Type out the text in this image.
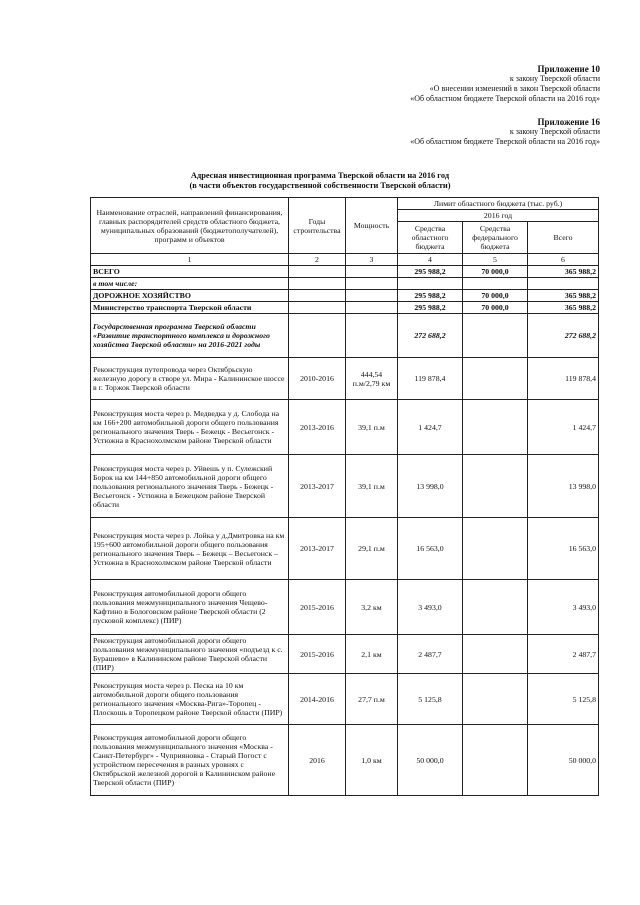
Приложение 10
к закону Тверской области
«О внесении изменений в закон Тверской области
«Об областном бюджете Тверской области на 2016 год»
Приложение 16
к закону Тверской области
«Об областном бюджете Тверской области на 2016 год»
Адресная инвестиционная программа Тверской области на 2016 год
(в части объектов государственной собственности Тверской области)
Наименование отраслей, направлений финансирования, главных распорядителей средств областного бюджета, муниципальных образований (бюджетополучателей), программ и объектов	Годы строительства	Мощность	Лимит областного бюджета (тыс. руб.)		
			2016 год		
			Средства областного бюджета	Средства федерального бюджета	Всего
1	2	3	4	5	6
ВСЕГО			295 988,2	70 000,0	365 988,2
в том числе:					
ДОРОЖНОЕ ХОЗЯЙСТВО			295 988,2	70 000,0	365 988,2
Министерство транспорта Тверской области			295 988,2	70 000,0	365 988,2
Государственная программа Тверской области «Развитие транспортного комплекса и дорожного хозяйства Тверской области» на 2016-2021 годы			272 688,2		272 688,2
Реконструкция путепровода через Октябрьскую железную дорогу в створе ул. Мира - Калининское шоссе в г. Торжок Тверской области	2010-2016	444,54 п.м/2,79 км	119 878,4		119 878,4
Реконструкция моста через р. Медведка у д. Слобода на км 166+200 автомобильной дороги общего пользования регионального значения Тверь - Бежецк - Весьегонск - Устюжна в Краснохолмском районе Тверской области	2013-2016	39,1 п.м	1 424,7		1 424,7
Реконструкция моста через р. Уйвешь у п. Сулежский Борок на км 144+850 автомобильной дороги общего пользования регионального значения Тверь - Бежецк - Весьегонск - Устюжна в Бежецком районе Тверской области	2013-2017	39,1 п.м	13 998,0		13 998,0
Реконструкция моста через р. Лойка у д.Дмитровка на км 195+600 автомобильной дороги общего пользования регионального значения Тверь – Бежецк – Весьегонск – Устюжна в Краснохолмском районе Тверской области	2013-2017	29,1 п.м	16 563,0		16 563,0
Реконструкция автомобильной дороги общего пользования межмуниципального значения Чещево-Кафтино в Бологовском районе Тверской области (2 пусковой комплекс) (ПИР)	2015-2016	3,2 км	3 493,0		3 493,0
Реконструкция автомобильной дороги общего пользования межмуниципального значения «подъезд к с. Бурашево» в Калининском районе Тверской области (ПИР)	2015-2016	2,1 км	2 487,7		2 487,7
Реконструкция моста через р. Песка на 10 км автомобильной дороги общего пользования регионального значения «Москва-Рига»-Торопец - Плоскошь в Торопецком районе Тверской области (ПИР)	2014-2016	27,7 п.м	5 125,8		5 125,8
Реконструкция автомобильной дороги общего пользования межмуниципального значения «Москва - Санкт-Петербург» - Чуприяновка - Старый Погост с устройством пересечения в разных уровнях с Октябрьской железной дорогой в Калининском районе Тверской области (ПИР)	2016	1,0 км	50 000,0		50 000,0
